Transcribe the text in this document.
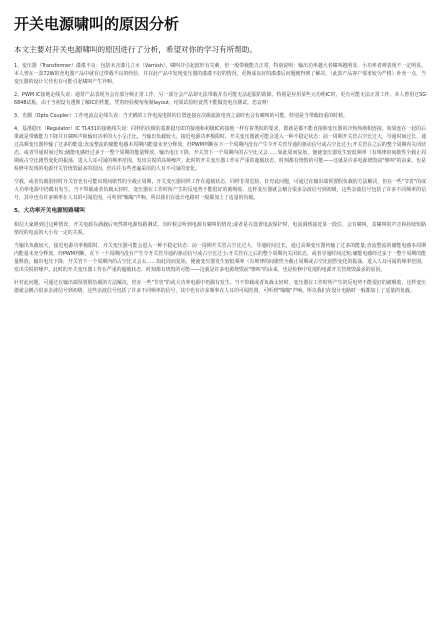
开关电源啸叫的原因分析

本文主要对开关电源啸叫的原因进行了分析，希望对你的学习有所帮助。

1、变压器（Transformer）漆漆不良：包括未含漆几立水（Varnish），啸叫并引起波形有尖刺，但一般带载能力正常，特别说明：输出功率越大者啸叫越明显，小功率者则表现不一定明显。本人曾在一款72W的充电器产品中就有过带载不良的经验，并在此产品中发现变压器的漆漆不好的情况，更换成良好的漆漆后问题便得到了解决。（此款产品客户要求较为严格）补充一点，当变压器的设计欠佳也有可能引起啸叫产生异响。

2、PWM IC接地走线失误：通常产品表现为会有部分频正常工作，另一部分会产品却无法带载并有可能无法起振的故障，特别是应用某些元功耗IC时，更有可能无法正常工作。本人曾用过SG6848试板，由于当初设有透彻了解IC的性能，凭着经验便匆匆制layout，结果试验时竟然不能做宽电压测试。悲哀呀！

3、光耦（Opto Coupler）工作电流点走线失误：当光耦的工作电流电阻的位置连接在次级滤波电容之前时也会有啸叫的可能，特别是当带载较重的时候。

4、基准稳压（Regulator）IC TL431的接地线失误：同样的次级的基准稳压IC的接地和初级IC的接地一样有着类似的要求，即就是都不能直接和变压器的冷热热地相连接。如果连在一起的后果就是带载能力下降并且啸叫声和输出功率的大小呈正比。当输出负载较大，接近电源功率极限时，开关变压器就可能会进入一种不稳定状态：前一周期开关管占空比过大，导通时间过长，通过高频变压器传输了过多的能量;直流整流的储能电感本周期内能量未充分释放，经PWM判断在下一个周期内没有产生令开关管导通的驱动信号或占空比过小;开关管在之后的整个周期内关闭状态，或者导通时间过短;储能电感经过多于一整个周期的能量释放，输出电压下降，开关管下一个周期内的占空比又会……如此周而复始，便使变压器发生较低频率（有规律的间歇性全载止周期或占空比剧烈变化的振荡，进入人耳可闻的频率范围，发出尖锐的高频噪声。此时的开关变压器工作在严重的超载状态，时刻都有烧毁的可能——这就是许多电源烧毁前"惨叫"的由来，也是检修中发现的电源开关管烧毁最多的原因，但往往有些普遍采用的人耳不可闻的变化。

空载，或者负载很轻时开关管也有可能出现间歇性的全载止周期，开关变压器同样工作在超载状态，同样非常危险。针对此问题，可通过在输出端预置假负载的方法解决，但在一些"节省"的或大功率电源中仍偶有发生，当不带载或者负载太轻时，变压器在工作时所产生的反电势不能很好的被吸收，这样变压器就会耦合很多杂波信号到初级，这些杂波信号包括了许多不同频率的信号，其中也有许多频率在人耳的可闻范围，可听到"嗡嗡"声响。所以我们在设计电路时一般都加上了适量的负载。

5、大功率开关电源短路啸叫

相信大家遇到过这种情况，开关电源在满载后突然将电源短路测试，有时候会听到电源有啸叫的情况;或者是在设置电流保护时，电流调到接近某一段位，会有啸叫，其啸叫的声音和持续短路情况的电流的大小有一定的关系。

当输出负载较大，接近电源功率极限时，开关变压器可能会进入一种不稳定状态：前一周期开关管占空比过大，导通时间过长，通过高频变压器传输了过多的能量;直流整流的储能电感本周期内能量未充分释放，经PWM判断，在下一个周期内没有产生令开关管导通的驱动信号或占空比过小;开关管在之后的整个周期内关闭状态，或者导通时间过短;储能电感经过多于一整个周期的能量释放，输出电压下降，开关管下一个周期内的占空比又会太……如此周而复始，便使变压器发生较低频率（有规律的间歇性全截止周期或占空比剧烈变化的振荡，进入人耳可闻的频率范围，发出尖锐的噪声。此时的开关变压器工作在严重的超载状态，时刻都有烧毁的可能——这就是许多电源烧毁前"惨叫"的由来，也是检修中发现的电源开关管烧毁最多的原因。

针对此问题，可通过在输出端预置假负载的方法解决，但在一些"节省"的或大功率电源中仍偶有发生。当不带载或者负载太轻时，变压器在工作时所产生的反电势不能很好的被吸收，这样变压器就会耦合很多杂波信号到初级，这些杂波信号包括了许多不同频率的信号，其中也有许多频率在人耳的可闻范围，可听到"嗡嗡"声响。所以我们在设计电路时一般都加上了适量的负载。
